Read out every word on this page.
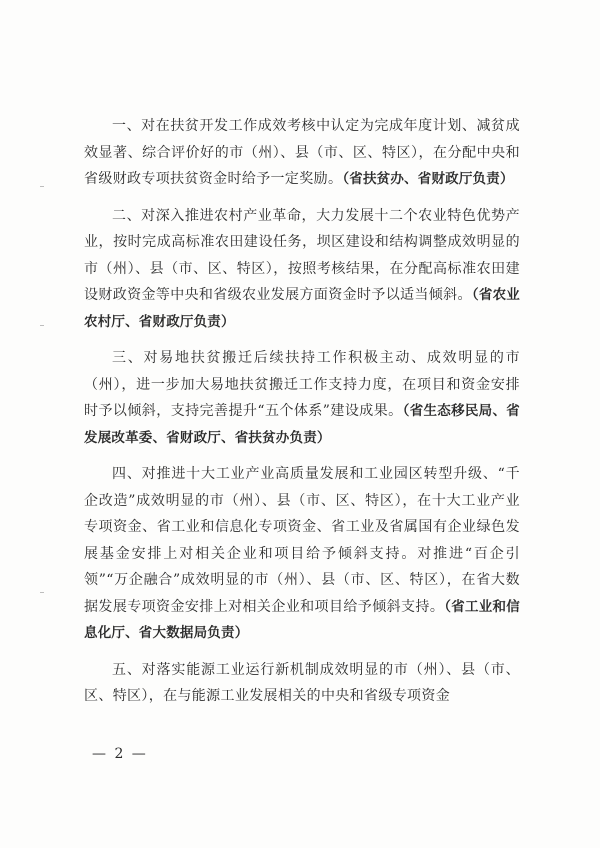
一、对在扶贫开发工作成效考核中认定为完成年度计划、减贫成效显著、综合评价好的市（州）、县（市、区、特区），在分配中央和省级财政专项扶贫资金时给予一定奖励。（省扶贫办、省财政厅负责）

二、对深入推进农村产业革命，大力发展十二个农业特色优势产业，按时完成高标准农田建设任务，坝区建设和结构调整成效明显的市（州）、县（市、区、特区），按照考核结果，在分配高标准农田建设财政资金等中央和省级农业发展方面资金时予以适当倾斜。（省农业农村厅、省财政厅负责）

三、对易地扶贫搬迁后续扶持工作积极主动、成效明显的市（州），进一步加大易地扶贫搬迁工作支持力度，在项目和资金安排时予以倾斜，支持完善提升“五个体系”建设成果。（省生态移民局、省发展改革委、省财政厅、省扶贫办负责）

四、对推进十大工业产业高质量发展和工业园区转型升级、“千企改造”成效明显的市（州）、县（市、区、特区），在十大工业产业专项资金、省工业和信息化专项资金、省工业及省属国有企业绿色发展基金安排上对相关企业和项目给予倾斜支持。对推进“百企引领”“万企融合”成效明显的市（州）、县（市、区、特区），在省大数据发展专项资金安排上对相关企业和项目给予倾斜支持。（省工业和信息化厅、省大数据局负责）

五、对落实能源工业运行新机制成效明显的市（州）、县（市、区、特区），在与能源工业发展相关的中央和省级专项资金

— 2 —
